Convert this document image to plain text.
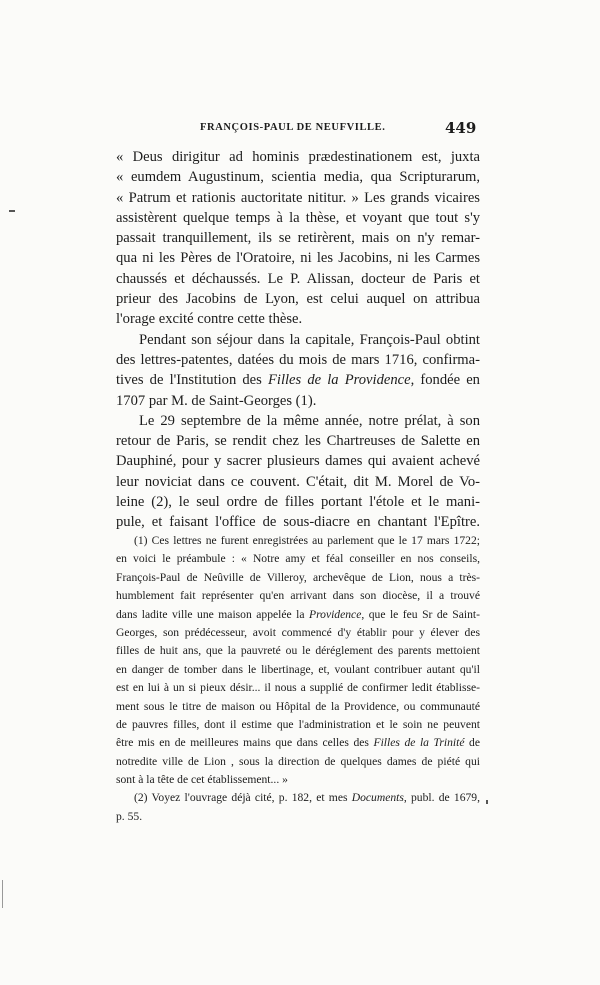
FRANÇOIS-PAUL DE NEUFVILLE.	449
« Deus dirigitur ad hominis prædestinationem est, juxta
« eumdem Augustinum, scientia media, qua Scripturarum,
« Patrum et rationis auctoritate nititur. » Les grands vicaires
assistèrent quelque temps à la thèse, et voyant que tout s'y
passait tranquillement, ils se retirèrent, mais on n'y remar-
qua ni les Pères de l'Oratoire, ni les Jacobins, ni les Carmes
chaussés et déchaussés. Le P. Alissan, docteur de Paris et
prieur des Jacobins de Lyon, est celui auquel on attribua
l'orage excité contre cette thèse.
Pendant son séjour dans la capitale, François-Paul obtint
des lettres-patentes, datées du mois de mars 1716, confirma-
tives de l'Institution des Filles de la Providence, fondée en
1707 par M. de Saint-Georges (1).
Le 29 septembre de la même année, notre prélat, à son
retour de Paris, se rendit chez les Chartreuses de Salette en
Dauphiné, pour y sacrer plusieurs dames qui avaient achevé
leur noviciat dans ce couvent. C'était, dit M. Morel de Vo-
leine (2), le seul ordre de filles portant l'étole et le mani-
pule, et faisant l'office de sous-diacre en chantant l'Epître.
(1) Ces lettres ne furent enregistrées au parlement que le 17 mars 1722;
en voici le préambule : « Notre amy et féal conseiller en nos conseils,
François-Paul de Neûville de Villeroy, archevêque de Lion, nous a très-
humblement fait représenter qu'en arrivant dans son diocèse, il a trouvé
dans ladite ville une maison appelée la Providence, que le feu Sr de Saint-
Georges, son prédécesseur, avoit commencé d'y établir pour y élever des
filles de huit ans, que la pauvreté ou le déréglement des parents mettoient
en danger de tomber dans le libertinage, et, voulant contribuer autant qu'il
est en lui à un si pieux désir... il nous a supplié de confirmer ledit établisse-
ment sous le titre de maison ou Hôpital de la Providence, ou communauté
de pauvres filles, dont il estime que l'administration et le soin ne peuvent
être mis en de meilleures mains que dans celles des Filles de la Trinité de
notredite ville de Lion , sous la direction de quelques dames de piété qui
sont à la tête de cet établissement... »
(2) Voyez l'ouvrage déjà cité, p. 182, et mes Documents, publ. de 1679,
p. 55.
